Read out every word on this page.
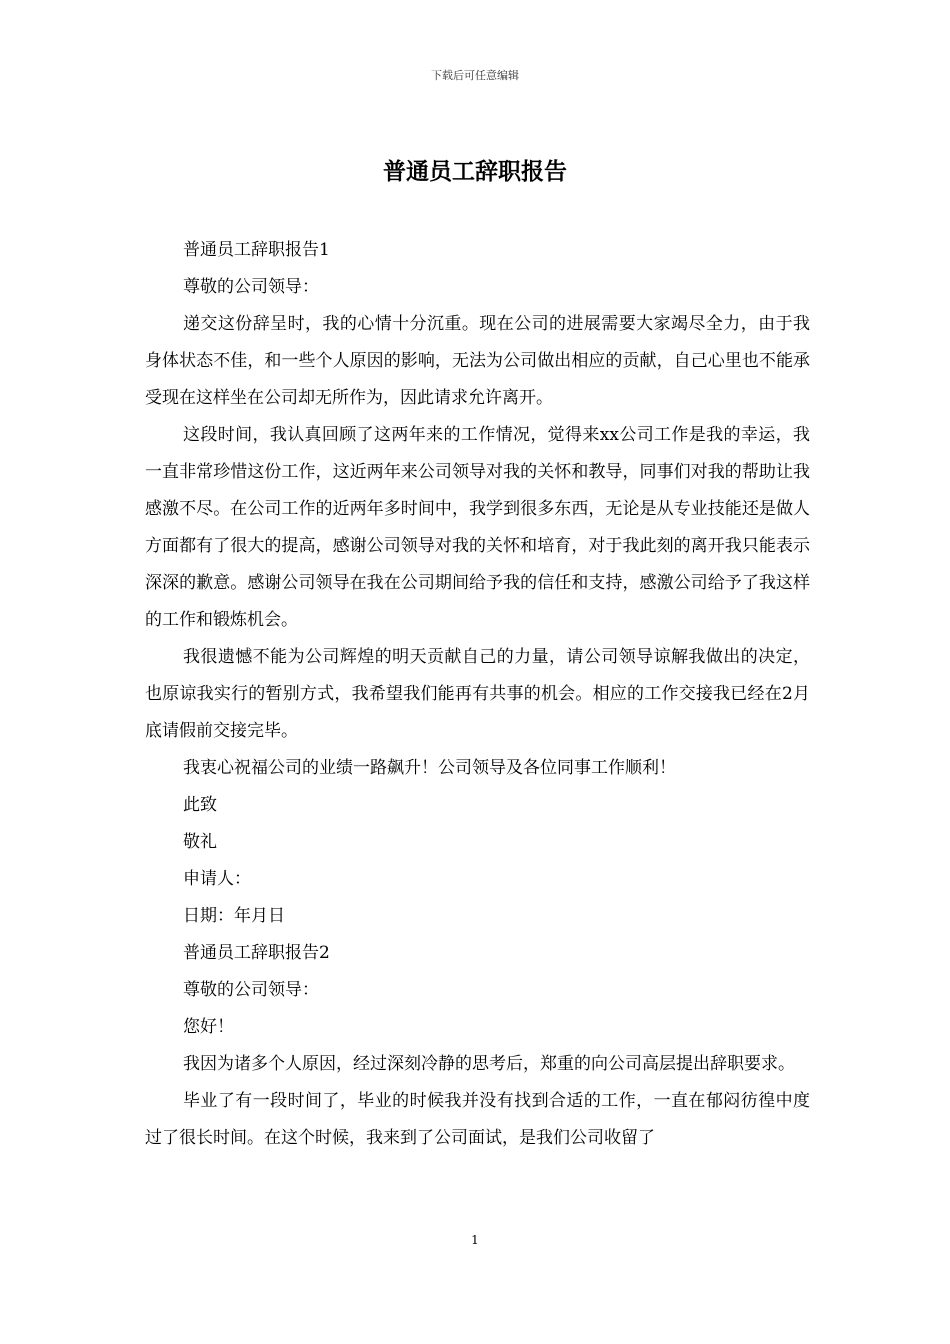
下载后可任意编辑
普通员工辞职报告

普通员工辞职报告1

尊敬的公司领导：

递交这份辞呈时，我的心情十分沉重。现在公司的进展需要大家竭尽全力，由于我身体状态不佳，和一些个人原因的影响，无法为公司做出相应的贡献，自己心里也不能承受现在这样坐在公司却无所作为，因此请求允许离开。

这段时间，我认真回顾了这两年来的工作情况，觉得来xx公司工作是我的幸运，我一直非常珍惜这份工作，这近两年来公司领导对我的关怀和教导，同事们对我的帮助让我感激不尽。在公司工作的近两年多时间中，我学到很多东西，无论是从专业技能还是做人方面都有了很大的提高，感谢公司领导对我的关怀和培育，对于我此刻的离开我只能表示深深的歉意。感谢公司领导在我在公司期间给予我的信任和支持，感激公司给予了我这样的工作和锻炼机会。

我很遗憾不能为公司辉煌的明天贡献自己的力量，请公司领导谅解我做出的决定，也原谅我实行的暂别方式，我希望我们能再有共事的机会。相应的工作交接我已经在2月底请假前交接完毕。

我衷心祝福公司的业绩一路飙升！公司领导及各位同事工作顺利！

此致

敬礼

申请人：

日期：年月日

普通员工辞职报告2

尊敬的公司领导：

您好！

我因为诸多个人原因，经过深刻冷静的思考后，郑重的向公司高层提出辞职要求。

毕业了有一段时间了，毕业的时候我并没有找到合适的工作，一直在郁闷彷徨中度过了很长时间。在这个时候，我来到了公司面试，是我们公司收留了

1
